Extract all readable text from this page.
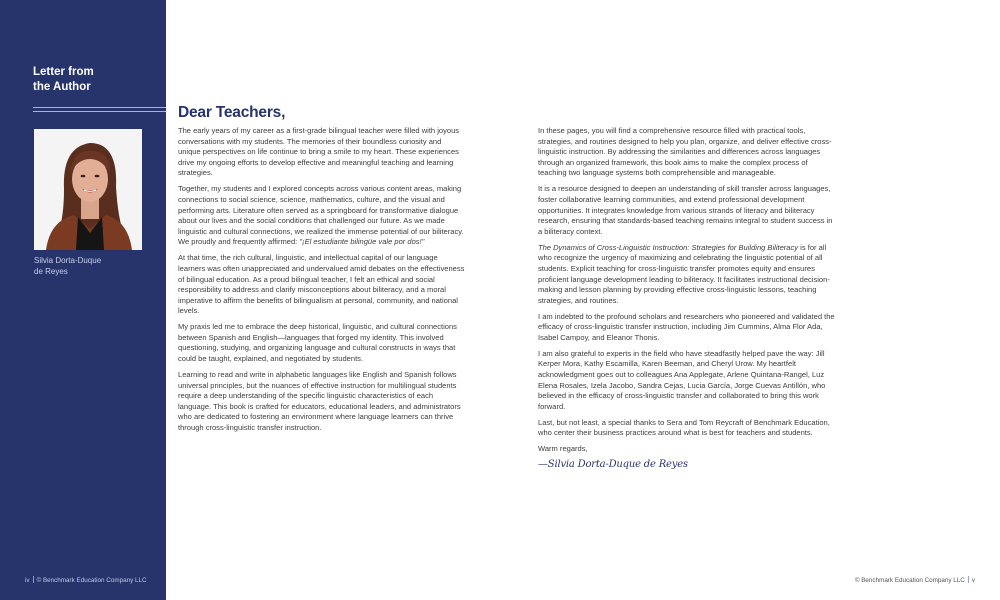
Letter from
the Author
Silvia Dorta-Duque
de Reyes
iv © Benchmark Education Company LLC
Dear Teachers,

The early years of my career as a first-grade bilingual teacher were filled with joyous conversations with my students. The memories of their boundless curiosity and unique perspectives on life continue to bring a smile to my heart. These experiences drive my ongoing efforts to develop effective and meaningful teaching and learning strategies.

Together, my students and I explored concepts across various content areas, making connections to social science, science, mathematics, culture, and the visual and performing arts. Literature often served as a springboard for transformative dialogue about our lives and the social conditions that challenged our future. As we made linguistic and cultural connections, we realized the immense potential of our biliteracy. We proudly and frequently affirmed: "¡El estudiante bilingüe vale por dos!"

At that time, the rich cultural, linguistic, and intellectual capital of our language learners was often unappreciated and undervalued amid debates on the effectiveness of bilingual education. As a proud bilingual teacher, I felt an ethical and social responsibility to address and clarify misconceptions about biliteracy, and a moral imperative to affirm the benefits of bilingualism at personal, community, and national levels.

My praxis led me to embrace the deep historical, linguistic, and cultural connections between Spanish and English—languages that forged my identity. This involved questioning, studying, and organizing language and cultural constructs in ways that could be taught, explained, and negotiated by students.

Learning to read and write in alphabetic languages like English and Spanish follows universal principles, but the nuances of effective instruction for multilingual students require a deep understanding of the specific linguistic characteristics of each language. This book is crafted for educators, educational leaders, and administrators who are dedicated to fostering an environment where language learners can thrive through cross-linguistic transfer instruction.

In these pages, you will find a comprehensive resource filled with practical tools, strategies, and routines designed to help you plan, organize, and deliver effective cross-linguistic instruction. By addressing the similarities and differences across languages through an organized framework, this book aims to make the complex process of teaching two language systems both comprehensible and manageable.

It is a resource designed to deepen an understanding of skill transfer across languages, foster collaborative learning communities, and extend professional development opportunities. It integrates knowledge from various strands of literacy and biliteracy research, ensuring that standards-based teaching remains integral to student success in a biliteracy context.

The Dynamics of Cross-Linguistic Instruction: Strategies for Building Biliteracy is for all who recognize the urgency of maximizing and celebrating the linguistic potential of all students. Explicit teaching for cross-linguistic transfer promotes equity and ensures proficient language development leading to biliteracy. It facilitates instructional decision-making and lesson planning by providing effective cross-linguistic lessons, teaching strategies, and routines.

I am indebted to the profound scholars and researchers who pioneered and validated the efficacy of cross-linguistic transfer instruction, including Jim Cummins, Alma Flor Ada, Isabel Campoy, and Eleanor Thonis.

I am also grateful to experts in the field who have steadfastly helped pave the way: Jill Kerper Mora, Kathy Escamilla, Karen Beeman, and Cheryl Urow. My heartfelt acknowledgment goes out to colleagues Ana Applegate, Arlene Quintana-Rangel, Luz Elena Rosales, Izela Jacobo, Sandra Cejas, Lucia García, Jorge Cuevas Antillón, who believed in the efficacy of cross-linguistic transfer and collaborated to bring this work forward.

Last, but not least, a special thanks to Sera and Tom Reycraft of Benchmark Education, who center their business practices around what is best for teachers and students.

Warm regards,

—Silvia Dorta-Duque de Reyes
© Benchmark Education Company LLC v
